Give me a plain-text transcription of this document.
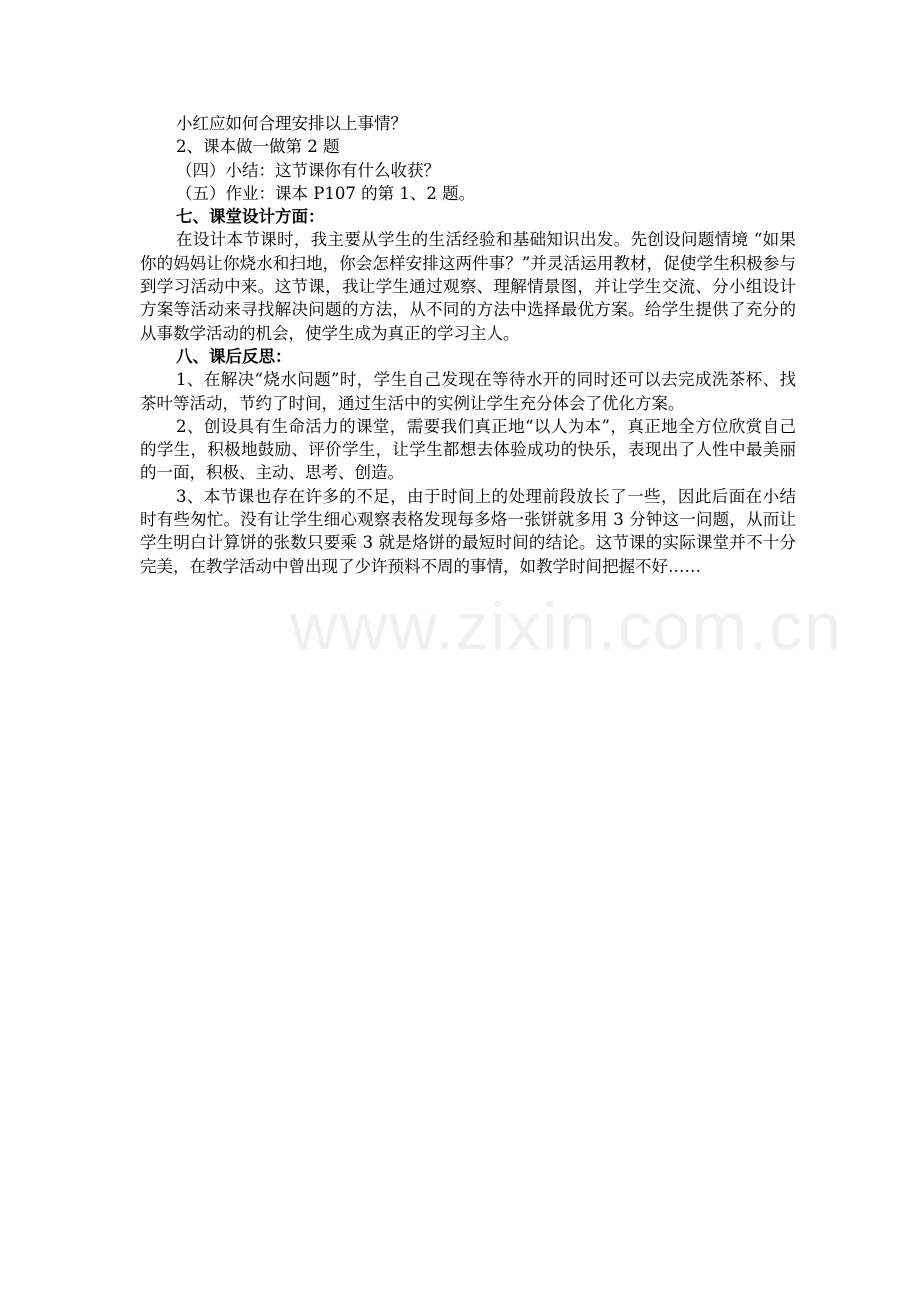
小红应如何合理安排以上事情？

2、课本做一做第 2 题

（四）小结：这节课你有什么收获？

（五）作业：课本 P107 的第 1、2 题。

七、课堂设计方面：

在设计本节课时，我主要从学生的生活经验和基础知识出发。先创设问题情境 “如果你的妈妈让你烧水和扫地，你会怎样安排这两件事？”并灵活运用教材，促使学生积极参与到学习活动中来。这节课，我让学生通过观察、理解情景图，并让学生交流、分小组设计方案等活动来寻找解决问题的方法，从不同的方法中选择最优方案。给学生提供了充分的从事数学活动的机会，使学生成为真正的学习主人。

八、课后反思：

1、在解决“烧水问题”时，学生自己发现在等待水开的同时还可以去完成洗茶杯、找茶叶等活动，节约了时间，通过生活中的实例让学生充分体会了优化方案。

2、创设具有生命活力的课堂，需要我们真正地“以人为本”，真正地全方位欣赏自己的学生，积极地鼓励、评价学生，让学生都想去体验成功的快乐，表现出了人性中最美丽的一面，积极、主动、思考、创造。

3、本节课也存在许多的不足，由于时间上的处理前段放长了一些，因此后面在小结时有些匆忙。没有让学生细心观察表格发现每多烙一张饼就多用 3 分钟这一问题，从而让学生明白计算饼的张数只要乘 3 就是烙饼的最短时间的结论。这节课的实际课堂并不十分完美，在教学活动中曾出现了少许预料不周的事情，如教学时间把握不好……

www.zixin.com.cn
